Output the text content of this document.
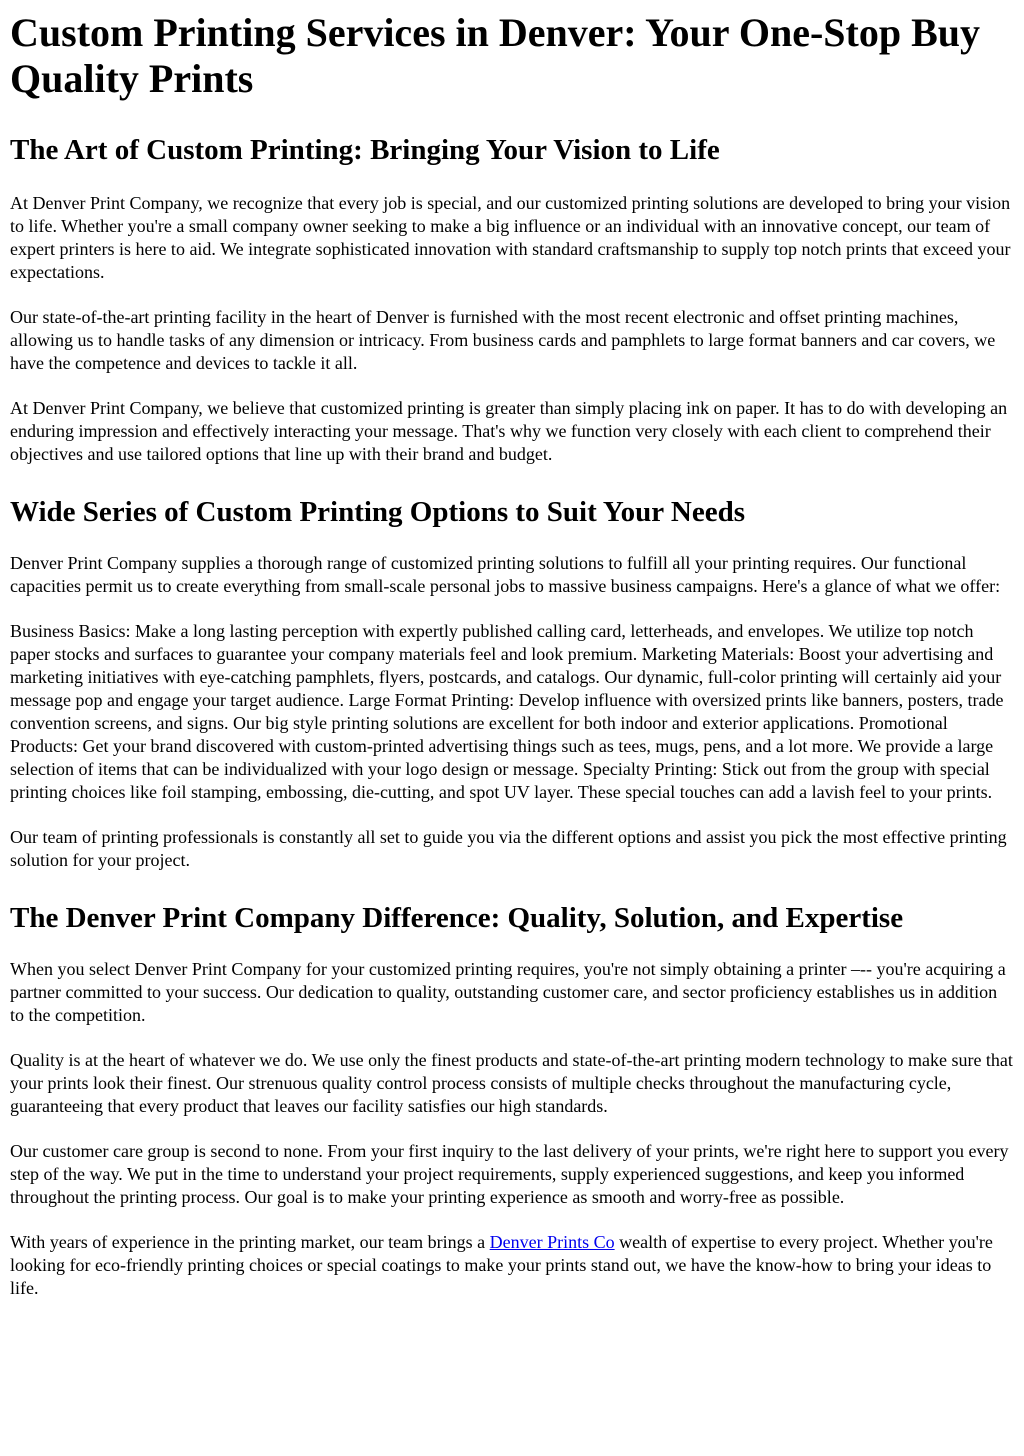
Custom Printing Services in Denver: Your One-Stop Buy Quality Prints
The Art of Custom Printing: Bringing Your Vision to Life

At Denver Print Company, we recognize that every job is special, and our customized printing solutions are developed to bring your vision to life. Whether you're a small company owner seeking to make a big influence or an individual with an innovative concept, our team of expert printers is here to aid. We integrate sophisticated innovation with standard craftsmanship to supply top notch prints that exceed your expectations.

Our state-of-the-art printing facility in the heart of Denver is furnished with the most recent electronic and offset printing machines, allowing us to handle tasks of any dimension or intricacy. From business cards and pamphlets to large format banners and car covers, we have the competence and devices to tackle it all.

At Denver Print Company, we believe that customized printing is greater than simply placing ink on paper. It has to do with developing an enduring impression and effectively interacting your message. That's why we function very closely with each client to comprehend their objectives and use tailored options that line up with their brand and budget.

Wide Series of Custom Printing Options to Suit Your Needs

Denver Print Company supplies a thorough range of customized printing solutions to fulfill all your printing requires. Our functional capacities permit us to create everything from small-scale personal jobs to massive business campaigns. Here's a glance of what we offer:

Business Basics: Make a long lasting perception with expertly published calling card, letterheads, and envelopes. We utilize top notch paper stocks and surfaces to guarantee your company materials feel and look premium. Marketing Materials: Boost your advertising and marketing initiatives with eye-catching pamphlets, flyers, postcards, and catalogs. Our dynamic, full-color printing will certainly aid your message pop and engage your target audience. Large Format Printing: Develop influence with oversized prints like banners, posters, trade convention screens, and signs. Our big style printing solutions are excellent for both indoor and exterior applications. Promotional Products: Get your brand discovered with custom-printed advertising things such as tees, mugs, pens, and a lot more. We provide a large selection of items that can be individualized with your logo design or message. Specialty Printing: Stick out from the group with special printing choices like foil stamping, embossing, die-cutting, and spot UV layer. These special touches can add a lavish feel to your prints.

Our team of printing professionals is constantly all set to guide you via the different options and assist you pick the most effective printing solution for your project.

The Denver Print Company Difference: Quality, Solution, and Expertise

When you select Denver Print Company for your customized printing requires, you're not simply obtaining a printer –-- you're acquiring a partner committed to your success. Our dedication to quality, outstanding customer care, and sector proficiency establishes us in addition to the competition.

Quality is at the heart of whatever we do. We use only the finest products and state-of-the-art printing modern technology to make sure that your prints look their finest. Our strenuous quality control process consists of multiple checks throughout the manufacturing cycle, guaranteeing that every product that leaves our facility satisfies our high standards.

Our customer care group is second to none. From your first inquiry to the last delivery of your prints, we're right here to support you every step of the way. We put in the time to understand your project requirements, supply experienced suggestions, and keep you informed throughout the printing process. Our goal is to make your printing experience as smooth and worry-free as possible.

With years of experience in the printing market, our team brings a Denver Prints Co wealth of expertise to every project. Whether you're looking for eco-friendly printing choices or special coatings to make your prints stand out, we have the know-how to bring your ideas to life.
